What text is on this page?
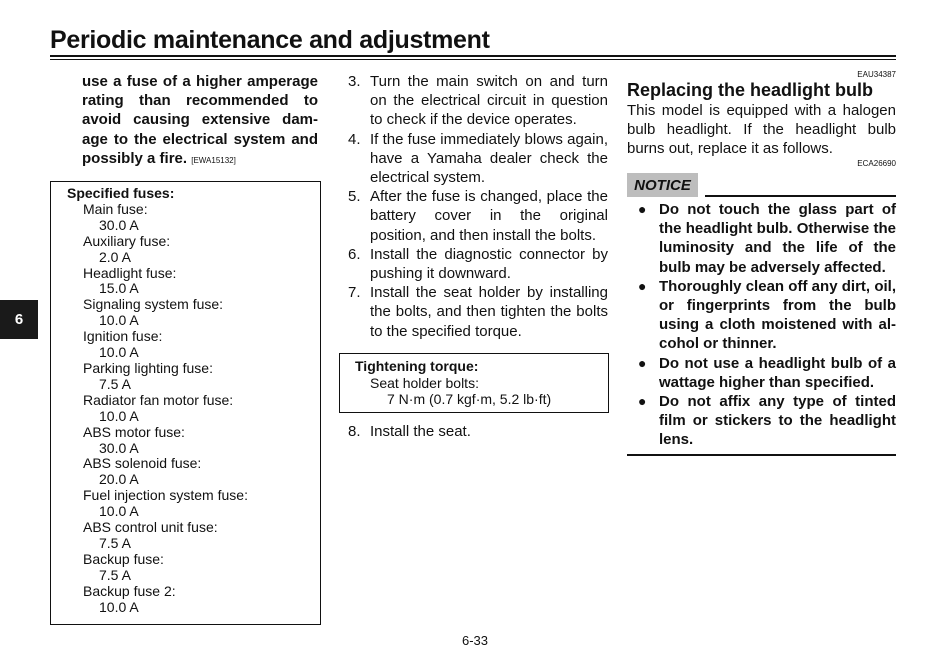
Periodic maintenance and adjustment
6
use a fuse of a higher amperage rating than recommended to avoid causing extensive dam-age to the electrical system and possibly a fire. [EWA15132]
Specified fuses:
Main fuse:
30.0 A
Auxiliary fuse:
2.0 A
Headlight fuse:
15.0 A
Signaling system fuse:
10.0 A
Ignition fuse:
10.0 A
Parking lighting fuse:
7.5 A
Radiator fan motor fuse:
10.0 A
ABS motor fuse:
30.0 A
ABS solenoid fuse:
20.0 A
Fuel injection system fuse:
10.0 A
ABS control unit fuse:
7.5 A
Backup fuse:
7.5 A
Backup fuse 2:
10.0 A
3. Turn the main switch on and turn on the electrical circuit in question to check if the device operates.
4. If the fuse immediately blows again, have a Yamaha dealer check the electrical system.
5. After the fuse is changed, place the battery cover in the original position, and then install the bolts.
6. Install the diagnostic connector by pushing it downward.
7. Install the seat holder by installing the bolts, and then tighten the bolts to the specified torque.
Tightening torque:
Seat holder bolts:
7 N·m (0.7 kgf·m, 5.2 lb·ft)
8. Install the seat.
EAU34387
Replacing the headlight bulb
This model is equipped with a halogen bulb headlight. If the headlight bulb burns out, replace it as follows.
ECA26690
NOTICE
● Do not touch the glass part of the headlight bulb. Otherwise the luminosity and the life of the bulb may be adversely affected.
● Thoroughly clean off any dirt, oil, or fingerprints from the bulb using a cloth moistened with al-cohol or thinner.
● Do not use a headlight bulb of a wattage higher than specified.
● Do not affix any type of tinted film or stickers to the headlight lens.
6-33
